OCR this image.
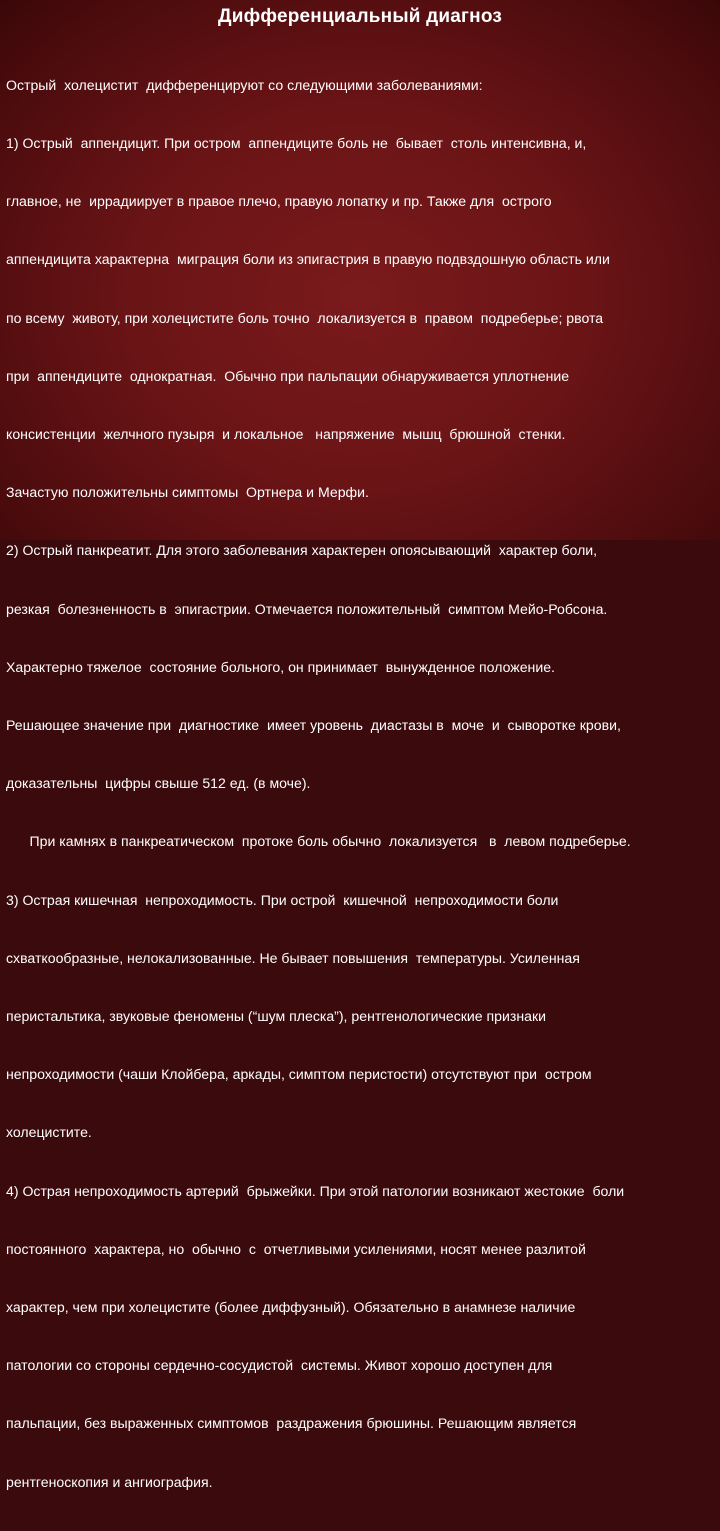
Дифференциальный диагноз

Острый  холецистит  дифференцируют со следующими заболеваниями:

1) Острый  аппендицит. При остром  аппендиците боль не  бывает  столь интенсивна, и,

главное, не  иррадиирует в правое плечо, правую лопатку и пр. Также для  острого

аппендицита характерна  миграция боли из эпигастрия в правую подвздошную область или

по всему  животу, при холецистите боль точно  локализуется в  правом  подреберье; рвота

при  аппендиците  однократная.  Обычно при пальпации обнаруживается уплотнение

консистенции  желчного пузыря  и локальное   напряжение  мышц  брюшной  стенки.

Зачастую положительны симптомы  Ортнера и Мерфи.

2) Острый панкреатит. Для этого заболевания характерен опоясывающий  характер боли,

резкая  болезненность в  эпигастрии. Отмечается положительный  симптом Мейо-Робсона.

Характерно тяжелое  состояние больного, он принимает  вынужденное положение.

Решающее значение при  диагностике  имеет уровень  диастазы в  моче  и  сыворотке крови,

доказательны  цифры свыше 512 ед. (в моче).

При камнях в панкреатическом  протоке боль обычно  локализуется   в  левом подреберье.

3) Острая кишечная  непроходимость. При острой  кишечной  непроходимости боли

схваткообразные, нелокализованные. Не бывает повышения  температуры. Усиленная

перистальтика, звуковые феномены (“шум плеска”), рентгенологические признаки

непроходимости (чаши Клойбера, аркады, симптом перистости) отсутствуют при  остром

холецистите.

4) Острая непроходимость артерий  брыжейки. При этой патологии возникают жестокие  боли

постоянного  характера, но  обычно  с  отчетливыми усилениями, носят менее разлитой

характер, чем при холецистите (более диффузный). Обязательно в анамнезе наличие

патологии со стороны сердечно-сосудистой  системы. Живот хорошо доступен для

пальпации, без выраженных симптомов  раздражения брюшины. Решающим является

рентгеноскопия и ангиография.
